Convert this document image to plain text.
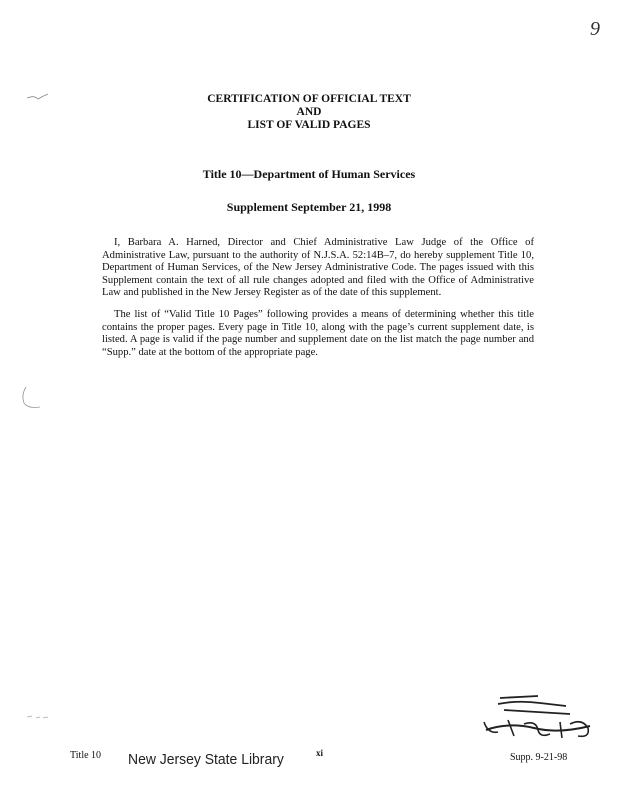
9
CERTIFICATION OF OFFICIAL TEXT
AND
LIST OF VALID PAGES
Title 10—Department of Human Services
Supplement September 21, 1998

I, Barbara A. Harned, Director and Chief Administrative Law Judge of the Office of Administrative Law, pursuant to the authority of N.J.S.A. 52:14B–7, do hereby supplement Title 10, Department of Human Services, of the New Jersey Administrative Code. The pages issued with this Supplement contain the text of all rule changes adopted and filed with the Office of Administrative Law and published in the New Jersey Register as of the date of this supplement.

The list of “Valid Title 10 Pages” following provides a means of determining whether this title contains the proper pages. Every page in Title 10, along with the page’s current supplement date, is listed. A page is valid if the page number and supplement date on the list match the page number and “Supp.” date at the bottom of the appropriate page.

Title 10 New Jersey State Library	xi	Supp. 9-21-98
